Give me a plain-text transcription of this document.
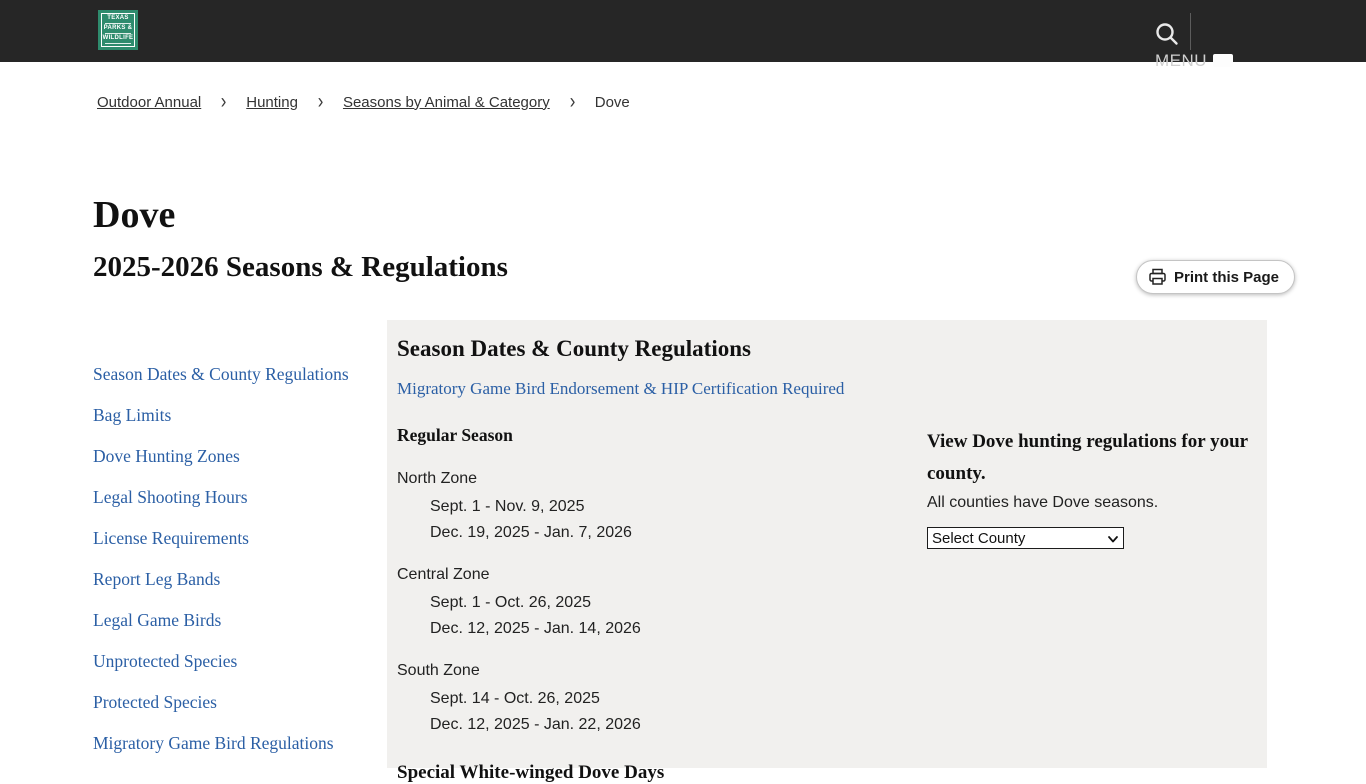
TEXAS
PARKS &
WILDLIFE
MENU
Outdoor Annual › Hunting › Seasons by Animal & Category › Dove
Dove
2025-2026 Seasons & Regulations	Print this Page
Season Dates & County Regulations
Bag Limits
Dove Hunting Zones
Legal Shooting Hours
License Requirements
Report Leg Bands
Legal Game Birds
Unprotected Species
Protected Species
Migratory Game Bird Regulations
Season Dates & County Regulations
Migratory Game Bird Endorsement & HIP Certification Required
Regular Season
North Zone
Sept. 1 - Nov. 9, 2025
Dec. 19, 2025 - Jan. 7, 2026
Central Zone
Sept. 1 - Oct. 26, 2025
Dec. 12, 2025 - Jan. 14, 2026
South Zone
Sept. 14 - Oct. 26, 2025
Dec. 12, 2025 - Jan. 22, 2026
Special White-winged Dove Days
View Dove hunting regulations for your county.
All counties have Dove seasons.
Select County
